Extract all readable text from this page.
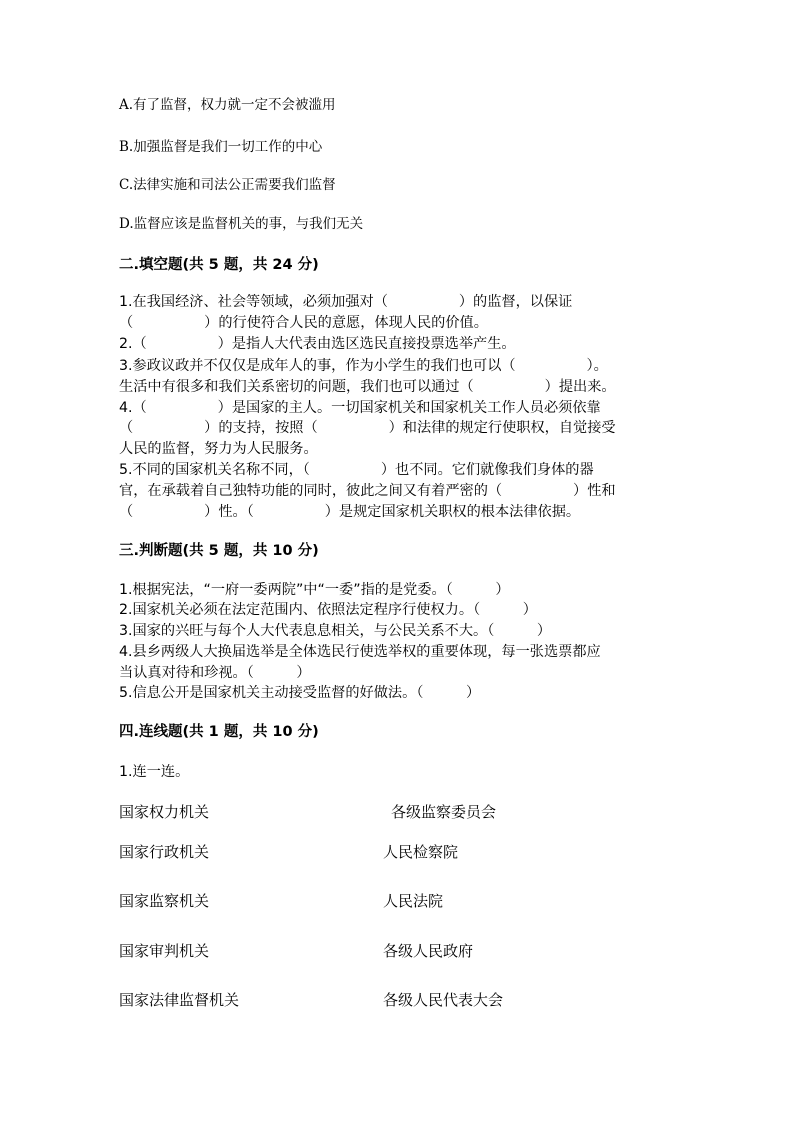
A.有了监督，权力就一定不会被滥用
B.加强监督是我们一切工作的中心
C.法律实施和司法公正需要我们监督
D.监督应该是监督机关的事，与我们无关
二.填空题(共 5 题，共 24 分)
1.在我国经济、社会等领域，必须加强对（　　　　　）的监督，以保证
（　　　　　）的行使符合人民的意愿，体现人民的价值。
2.（　　　　　）是指人大代表由选区选民直接投票选举产生。
3.参政议政并不仅仅是成年人的事，作为小学生的我们也可以（　　　　　）。
生活中有很多和我们关系密切的问题，我们也可以通过（　　　　　）提出来。
4.（　　　　　）是国家的主人。一切国家机关和国家机关工作人员必须依靠
（　　　　　）的支持，按照（　　　　　）和法律的规定行使职权，自觉接受
人民的监督，努力为人民服务。
5.不同的国家机关名称不同，（　　　　　）也不同。它们就像我们身体的器
官，在承载着自己独特功能的同时，彼此之间又有着严密的（　　　　　）性和
（　　　　　）性。（　　　　　）是规定国家机关职权的根本法律依据。
三.判断题(共 5 题，共 10 分)
1.根据宪法，“一府一委两院”中“一委”指的是党委。（　　　）
2.国家机关必须在法定范围内、依照法定程序行使权力。（　　　）
3.国家的兴旺与每个人大代表息息相关，与公民关系不大。（　　　）
4.县乡两级人大换届选举是全体选民行使选举权的重要体现，每一张选票都应
当认真对待和珍视。（　　　）
5.信息公开是国家机关主动接受监督的好做法。（　　　）
四.连线题(共 1 题，共 10 分)
1.连一连。
国家权力机关
国家行政机关
国家监察机关
国家审判机关
国家法律监督机关
各级监察委员会
人民检察院
人民法院
各级人民政府
各级人民代表大会
